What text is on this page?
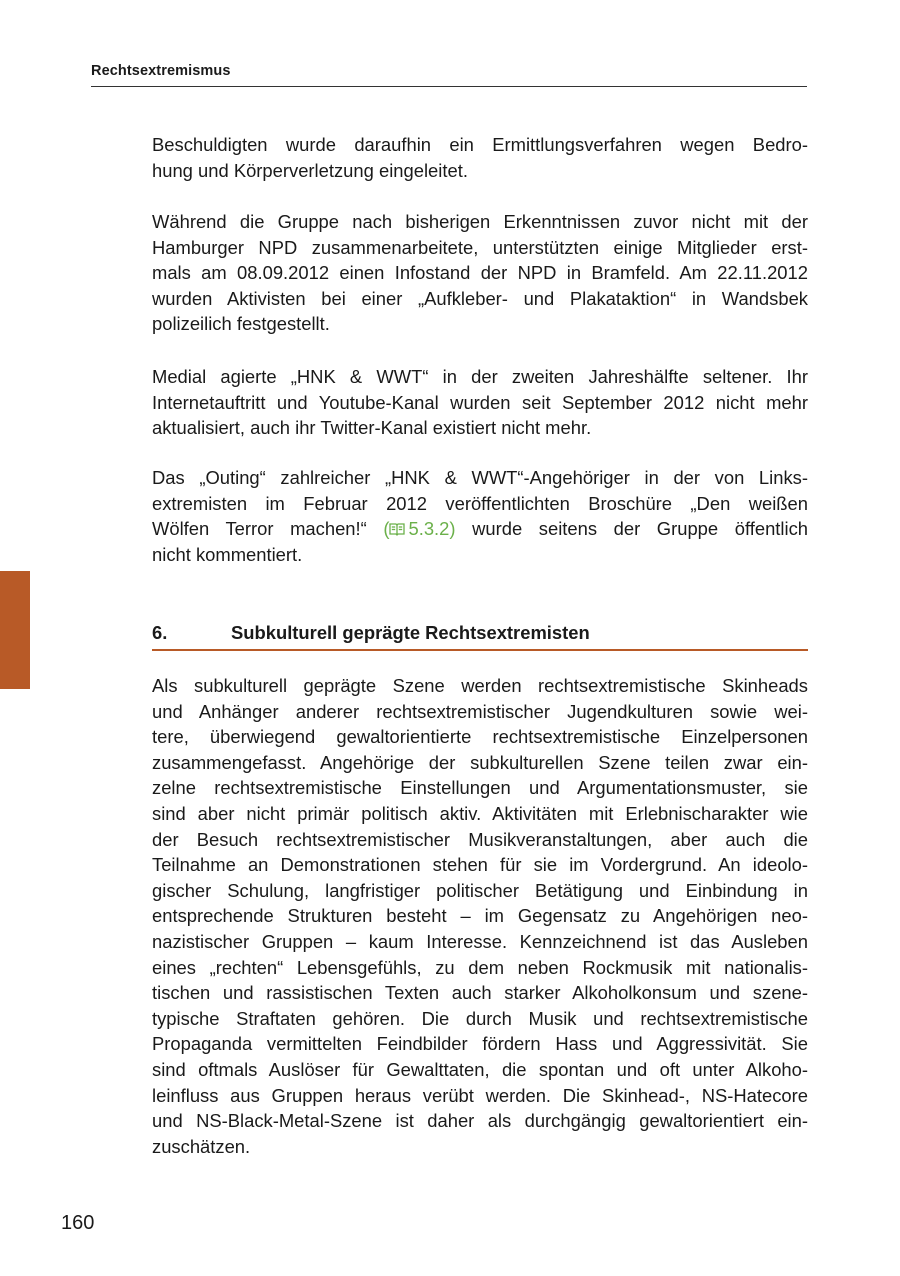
Rechtsextremismus
Beschuldigten wurde daraufhin ein Ermittlungsverfahren wegen Bedro-
hung und Körperverletzung eingeleitet.
Während die Gruppe nach bisherigen Erkenntnissen zuvor nicht mit der
Hamburger NPD zusammenarbeitete, unterstützten einige Mitglieder erst-
mals am 08.09.2012 einen Infostand der NPD in Bramfeld. Am 22.11.2012
wurden Aktivisten bei einer „Aufkleber- und Plakataktion“ in Wandsbek
polizeilich festgestellt.
Medial agierte „HNK & WWT“ in der zweiten Jahreshälfte seltener. Ihr
Internetauftritt und Youtube-Kanal wurden seit September 2012 nicht mehr
aktualisiert, auch ihr Twitter-Kanal existiert nicht mehr.
Das „Outing“ zahlreicher „HNK & WWT“-Angehöriger in der von Links-
extremisten im Februar 2012 veröffentlichten Broschüre „Den weißen
Wölfen Terror machen!“ ( 5.3.2) wurde seitens der Gruppe öffentlich
nicht kommentiert.
6.	Subkulturell geprägte Rechtsextremisten
Als subkulturell geprägte Szene werden rechtsextremistische Skinheads
und Anhänger anderer rechtsextremistischer Jugendkulturen sowie wei-
tere, überwiegend gewaltorientierte rechtsextremistische Einzelpersonen
zusammengefasst. Angehörige der subkulturellen Szene teilen zwar ein-
zelne rechtsextremistische Einstellungen und Argumentationsmuster, sie
sind aber nicht primär politisch aktiv. Aktivitäten mit Erlebnischarakter wie
der Besuch rechtsextremistischer Musikveranstaltungen, aber auch die
Teilnahme an Demonstrationen stehen für sie im Vordergrund. An ideolo-
gischer Schulung, langfristiger politischer Betätigung und Einbindung in
entsprechende Strukturen besteht – im Gegensatz zu Angehörigen neo-
nazistischer Gruppen – kaum Interesse. Kennzeichnend ist das Ausleben
eines „rechten“ Lebensgefühls, zu dem neben Rockmusik mit nationalis-
tischen und rassistischen Texten auch starker Alkoholkonsum und szene-
typische Straftaten gehören. Die durch Musik und rechtsextremistische
Propaganda vermittelten Feindbilder fördern Hass und Aggressivität. Sie
sind oftmals Auslöser für Gewalttaten, die spontan und oft unter Alkoho-
leinfluss aus Gruppen heraus verübt werden. Die Skinhead-, NS-Hatecore
und NS-Black-Metal-Szene ist daher als durchgängig gewaltorientiert ein-
zuschätzen.
160
